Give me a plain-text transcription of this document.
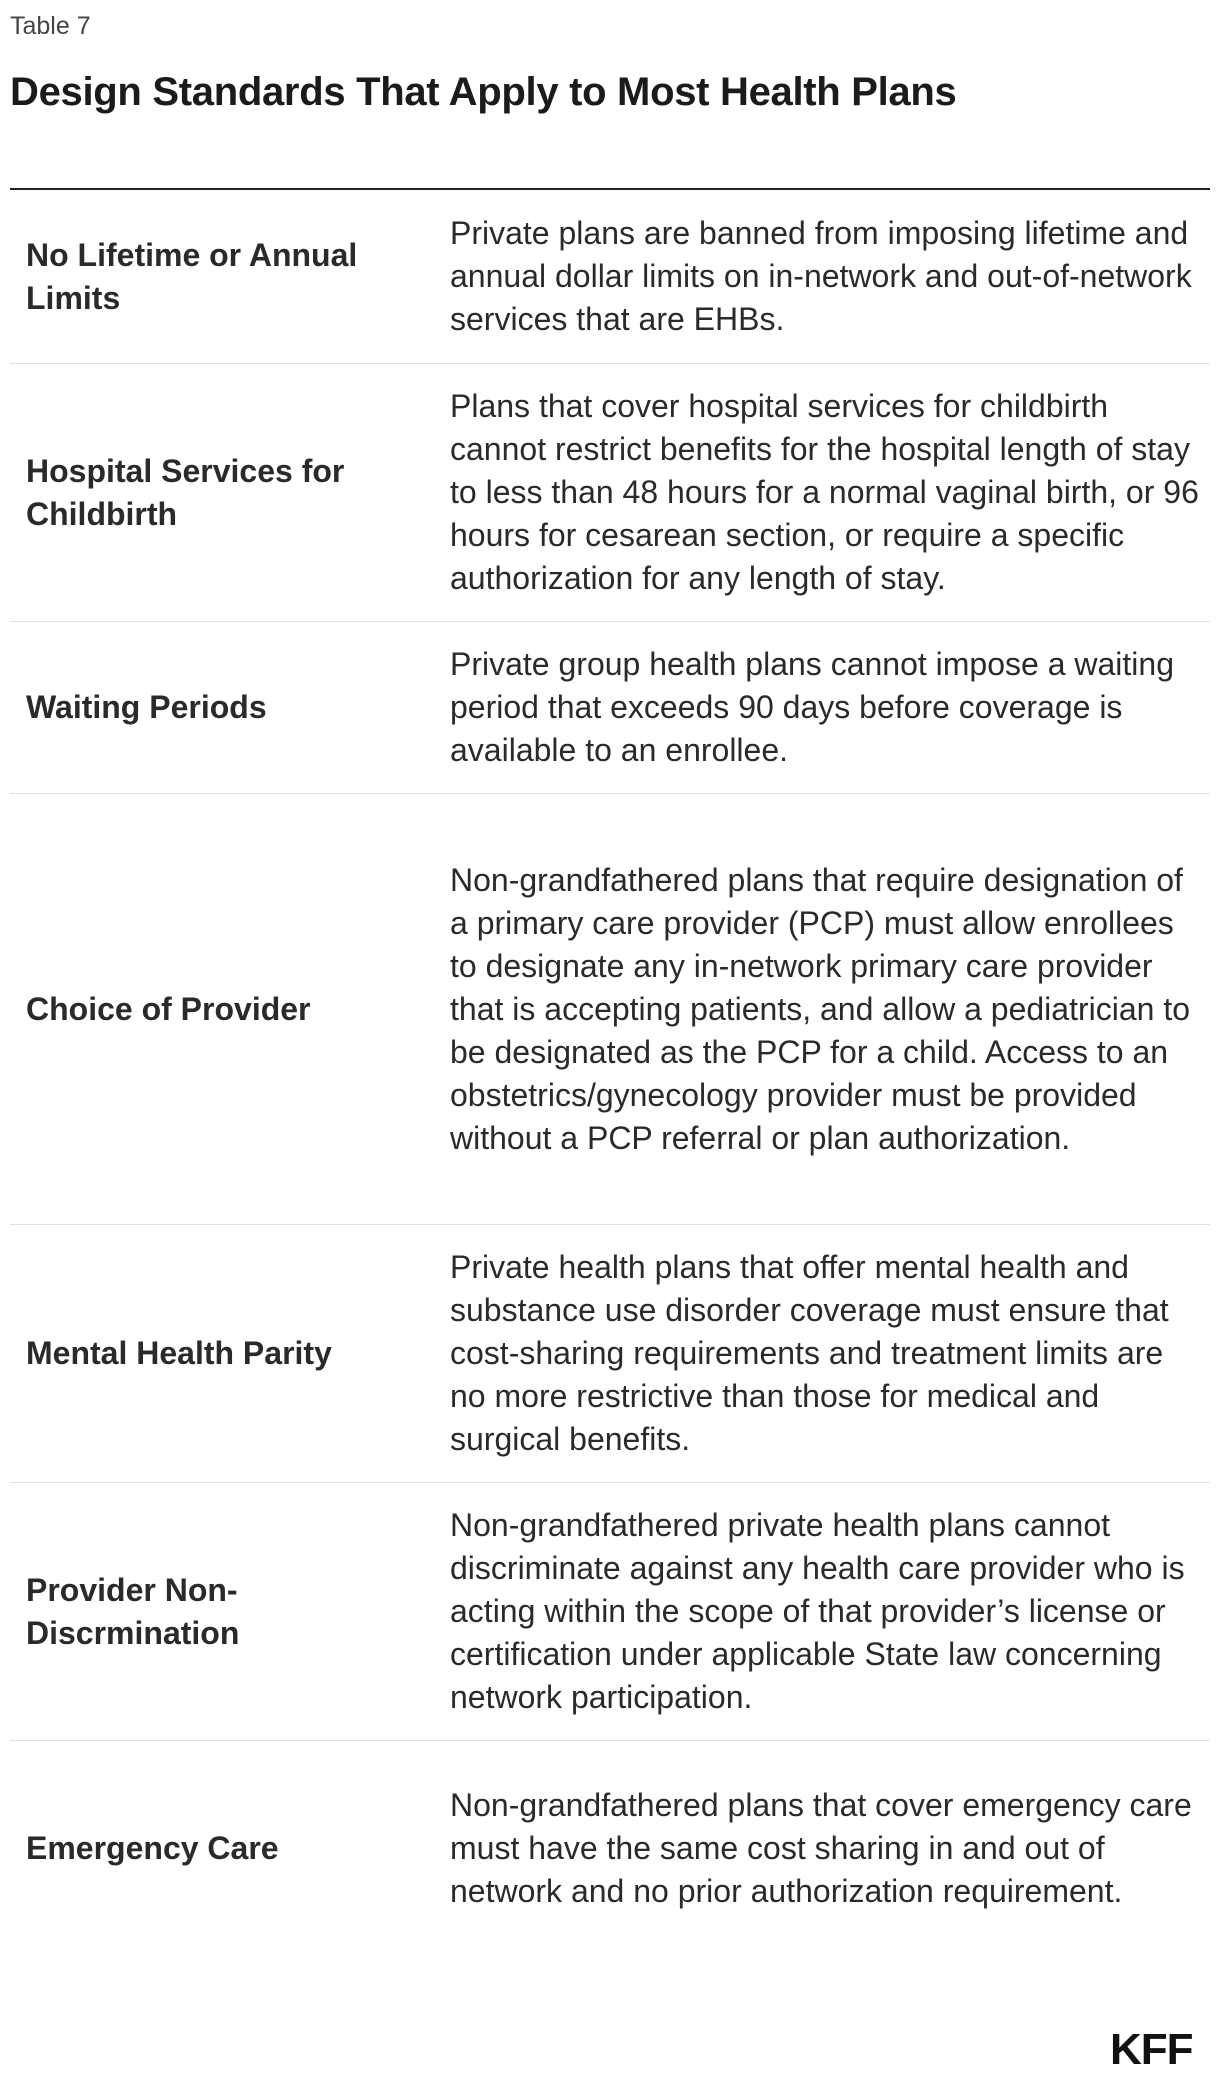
Table 7
Design Standards That Apply to Most Health Plans
No Lifetime or Annual Limits
Private plans are banned from imposing lifetime and annual dollar limits on in-network and out-of-network services that are EHBs.
Hospital Services for Childbirth
Plans that cover hospital services for childbirth cannot restrict benefits for the hospital length of stay to less than 48 hours for a normal vaginal birth, or 96 hours for cesarean section, or require a specific authorization for any length of stay.
Waiting Periods
Private group health plans cannot impose a waiting period that exceeds 90 days before coverage is available to an enrollee.
Choice of Provider
Non-grandfathered plans that require designation of a primary care provider (PCP) must allow enrollees to designate any in-network primary care provider that is accepting patients, and allow a pediatrician to be designated as the PCP for a child. Access to an obstetrics/gynecology provider must be provided without a PCP referral or plan authorization.
Mental Health Parity
Private health plans that offer mental health and substance use disorder coverage must ensure that cost-sharing requirements and treatment limits are no more restrictive than those for medical and surgical benefits.
Provider Non-Discrmination
Non-grandfathered private health plans cannot discriminate against any health care provider who is acting within the scope of that provider’s license or certification under applicable State law concerning network participation.
Emergency Care
Non-grandfathered plans that cover emergency care must have the same cost sharing in and out of network and no prior authorization requirement.
KFF
